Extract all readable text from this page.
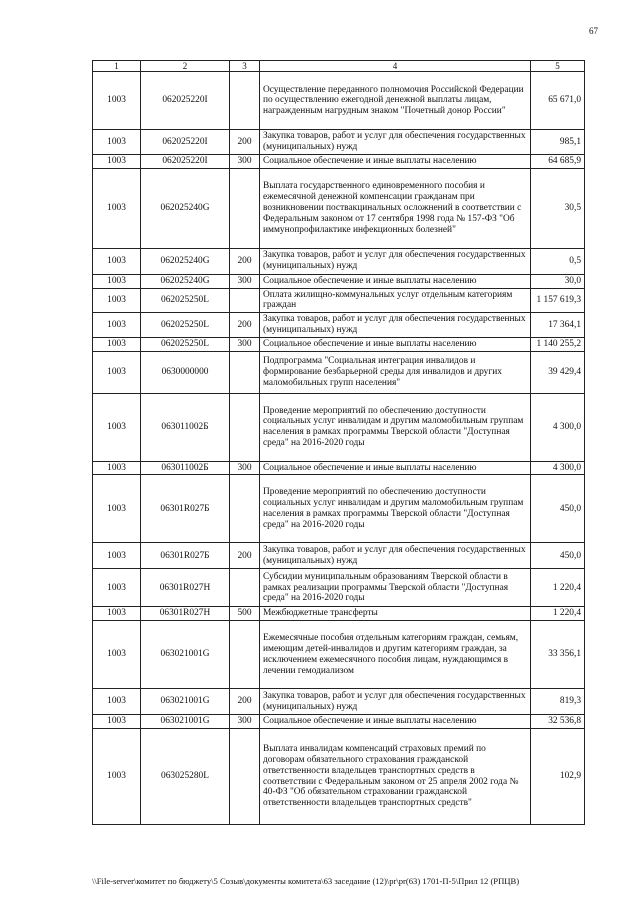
67
1	2	3	4	5
1003	062025220I		Осуществление переданного полномочия Российской Федерации по осуществлению ежегодной денежной выплаты лицам, награжденным нагрудным знаком "Почетный донор России"	65 671,0
1003	062025220I	200	Закупка товаров, работ и услуг для обеспечения государственных (муниципальных) нужд	985,1
1003	062025220I	300	Социальное обеспечение и иные выплаты населению	64 685,9
1003	062025240G		Выплата государственного единовременного пособия и ежемесячной денежной компенсации гражданам при возникновении поствакцинальных осложнений в соответствии с Федеральным законом от 17 сентября 1998 года № 157-ФЗ "Об иммунопрофилактике инфекционных болезней"	30,5
1003	062025240G	200	Закупка товаров, работ и услуг для обеспечения государственных (муниципальных) нужд	0,5
1003	062025240G	300	Социальное обеспечение и иные выплаты населению	30,0
1003	062025250L		Оплата жилищно-коммунальных услуг отдельным категориям граждан	1 157 619,3
1003	062025250L	200	Закупка товаров, работ и услуг для обеспечения государственных (муниципальных) нужд	17 364,1
1003	062025250L	300	Социальное обеспечение и иные выплаты населению	1 140 255,2
1003	0630000000		Подпрограмма "Социальная интеграция инвалидов и формирование безбарьерной среды для инвалидов и других маломобильных групп населения"	39 429,4
1003	063011002Б		Проведение мероприятий по обеспечению доступности социальных услуг инвалидам и другим маломобильным группам населения в рамках программы Тверской области "Доступная среда" на 2016-2020 годы	4 300,0
1003	063011002Б	300	Социальное обеспечение и иные выплаты населению	4 300,0
1003	06301R027Б		Проведение мероприятий по обеспечению доступности социальных услуг инвалидам и другим маломобильным группам населения в рамках программы Тверской области "Доступная среда" на 2016-2020 годы	450,0
1003	06301R027Б	200	Закупка товаров, работ и услуг для обеспечения государственных (муниципальных) нужд	450,0
1003	06301R027H		Субсидии муниципальным образованиям Тверской области в рамках реализации программы Тверской области "Доступная среда" на 2016-2020 годы	1 220,4
1003	06301R027H	500	Межбюджетные трансферты	1 220,4
1003	063021001G		Ежемесячные пособия отдельным категориям граждан, семьям, имеющим детей-инвалидов и другим категориям граждан, за исключением ежемесячного пособия лицам, нуждающимся в лечении гемодиализом	33 356,1
1003	063021001G	200	Закупка товаров, работ и услуг для обеспечения государственных (муниципальных) нужд	819,3
1003	063021001G	300	Социальное обеспечение и иные выплаты населению	32 536,8
1003	063025280L		Выплата инвалидам компенсаций страховых премий по договорам обязательного страхования гражданской ответственности владельцев транспортных средств в соответствии с Федеральным законом от 25 апреля 2002 года № 40-ФЗ "Об обязательном страховании гражданской ответственности владельцев транспортных средств"	102,9
\\File-server\комитет по бюджету\5 Созыв\документы комитета\63 заседание (12)\pr\pr(63) 1701-П-5\Прил 12 (РПЦВ)
